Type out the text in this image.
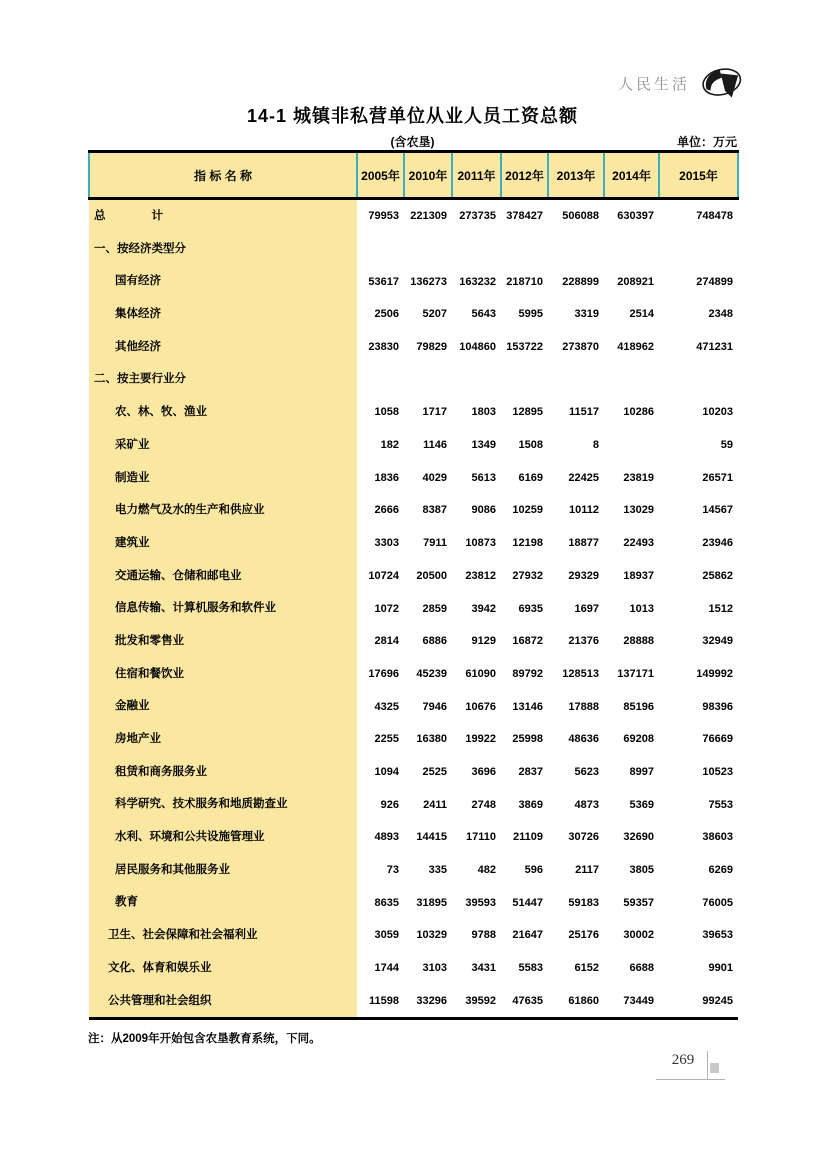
人民生活
14-1 城镇非私营单位从业人员工资总额
(含农垦)	单位：万元
指 标 名 称	2005年	2010年	2011年	2012年	2013年	2014年	2015年
总　　　　计	79953	221309	273735	378427	506088	630397	748478
一、按经济类型分							
国有经济	53617	136273	163232	218710	228899	208921	274899
集体经济	2506	5207	5643	5995	3319	2514	2348
其他经济	23830	79829	104860	153722	273870	418962	471231
二、按主要行业分							
农、林、牧、渔业	1058	1717	1803	12895	11517	10286	10203
采矿业	182	1146	1349	1508	8		59
制造业	1836	4029	5613	6169	22425	23819	26571
电力燃气及水的生产和供应业	2666	8387	9086	10259	10112	13029	14567
建筑业	3303	7911	10873	12198	18877	22493	23946
交通运输、仓储和邮电业	10724	20500	23812	27932	29329	18937	25862
信息传输、计算机服务和软件业	1072	2859	3942	6935	1697	1013	1512
批发和零售业	2814	6886	9129	16872	21376	28888	32949
住宿和餐饮业	17696	45239	61090	89792	128513	137171	149992
金融业	4325	7946	10676	13146	17888	85196	98396
房地产业	2255	16380	19922	25998	48636	69208	76669
租赁和商务服务业	1094	2525	3696	2837	5623	8997	10523
科学研究、技术服务和地质勘查业	926	2411	2748	3869	4873	5369	7553
水利、环境和公共设施管理业	4893	14415	17110	21109	30726	32690	38603
居民服务和其他服务业	73	335	482	596	2117	3805	6269
教育	8635	31895	39593	51447	59183	59357	76005
卫生、社会保障和社会福利业	3059	10329	9788	21647	25176	30002	39653
文化、体育和娱乐业	1744	3103	3431	5583	6152	6688	9901
公共管理和社会组织	11598	33296	39592	47635	61860	73449	99245
注：从2009年开始包含农垦教育系统，下同。
269
